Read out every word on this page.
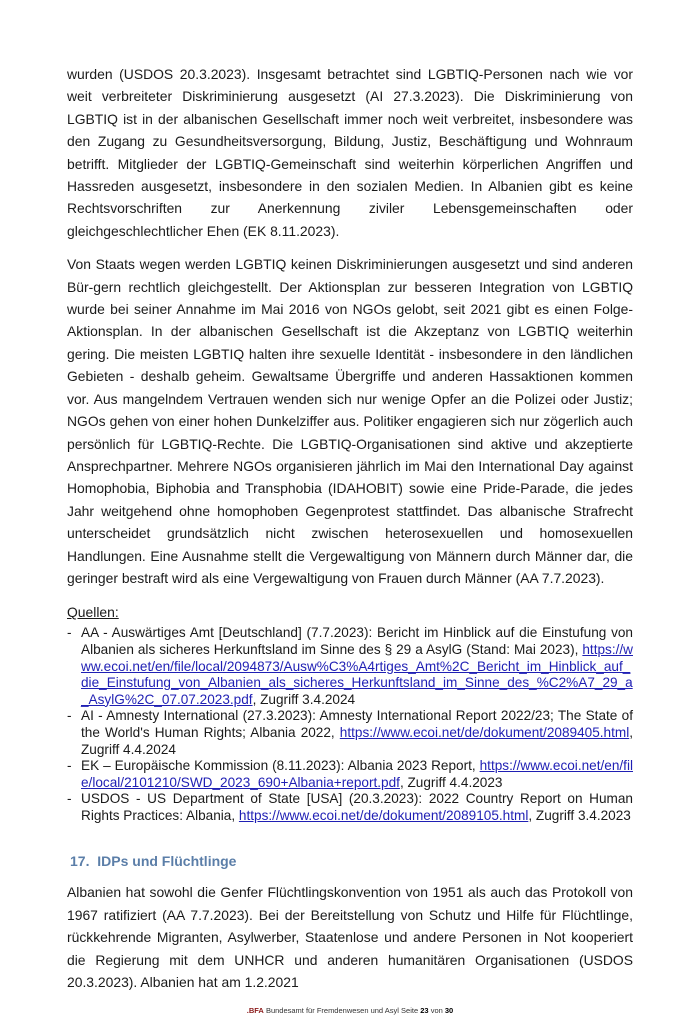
wurden (USDOS 20.3.2023). Insgesamt betrachtet sind LGBTIQ-Personen nach wie vor weit verbreiteter Diskriminierung ausgesetzt (AI 27.3.2023). Die Diskriminierung von LGBTIQ ist in der albanischen Gesellschaft immer noch weit verbreitet, insbesondere was den Zugang zu Gesundheitsversorgung, Bildung, Justiz, Beschäftigung und Wohnraum betrifft. Mitglieder der LGBTIQ-Gemeinschaft sind weiterhin körperlichen Angriffen und Hassreden ausgesetzt, insbesondere in den sozialen Medien. In Albanien gibt es keine Rechtsvorschriften zur Anerkennung ziviler Lebensgemeinschaften oder gleichgeschlechtlicher Ehen (EK 8.11.2023).

Von Staats wegen werden LGBTIQ keinen Diskriminierungen ausgesetzt und sind anderen Bür-gern rechtlich gleichgestellt. Der Aktionsplan zur besseren Integration von LGBTIQ wurde bei seiner Annahme im Mai 2016 von NGOs gelobt, seit 2021 gibt es einen Folge-Aktionsplan. In der albanischen Gesellschaft ist die Akzeptanz von LGBTIQ weiterhin gering. Die meisten LGBTIQ halten ihre sexuelle Identität - insbesondere in den ländlichen Gebieten - deshalb geheim. Gewaltsame Übergriffe und anderen Hassaktionen kommen vor. Aus mangelndem Vertrauen wenden sich nur wenige Opfer an die Polizei oder Justiz; NGOs gehen von einer hohen Dunkelziffer aus. Politiker engagieren sich nur zögerlich auch persönlich für LGBTIQ-Rechte. Die LGBTIQ-Organisationen sind aktive und akzeptierte Ansprechpartner. Mehrere NGOs organisieren jährlich im Mai den International Day against Homophobia, Biphobia and Transphobia (IDAHOBIT) sowie eine Pride-Parade, die jedes Jahr weitgehend ohne homophoben Gegenprotest stattfindet. Das albanische Strafrecht unterscheidet grundsätzlich nicht zwischen heterosexuellen und homosexuellen Handlungen. Eine Ausnahme stellt die Vergewaltigung von Männern durch Männer dar, die geringer bestraft wird als eine Vergewaltigung von Frauen durch Männer (AA 7.7.2023).

Quellen:
- AA - Auswärtiges Amt [Deutschland] (7.7.2023): Bericht im Hinblick auf die Einstufung von Albanien als sicheres Herkunftsland im Sinne des § 29 a AsylG (Stand: Mai 2023), https://www.ecoi.net/en/file/local/2094873/Ausw%C3%A4rtiges_Amt%2C_Bericht_im_Hinblick_auf_die_Einstufung_von_Albanien_als_sicheres_Herkunftsland_im_Sinne_des_%C2%A7_29_a_AsylG%2C_07.07.2023.pdf, Zugriff 3.4.2024
- AI - Amnesty International (27.3.2023): Amnesty International Report 2022/23; The State of the World's Human Rights; Albania 2022, https://www.ecoi.net/de/dokument/2089405.html, Zugriff 4.4.2024
- EK – Europäische Kommission (8.11.2023): Albania 2023 Report, https://www.ecoi.net/en/file/local/2101210/SWD_2023_690+Albania+report.pdf, Zugriff 4.4.2023
- USDOS - US Department of State [USA] (20.3.2023): 2022 Country Report on Human Rights Practices: Albania, https://www.ecoi.net/de/dokument/2089105.html, Zugriff 3.4.2023
17. IDPs und Flüchtlinge

Albanien hat sowohl die Genfer Flüchtlingskonvention von 1951 als auch das Protokoll von 1967 ratifiziert (AA 7.7.2023). Bei der Bereitstellung von Schutz und Hilfe für Flüchtlinge, rückkehrende Migranten, Asylwerber, Staatenlose und andere Personen in Not kooperiert die Regierung mit dem UNHCR und anderen humanitären Organisationen (USDOS 20.3.2023). Albanien hat am 1.2.2021

.BFA Bundesamt für Fremdenwesen und Asyl Seite 23 von 30
